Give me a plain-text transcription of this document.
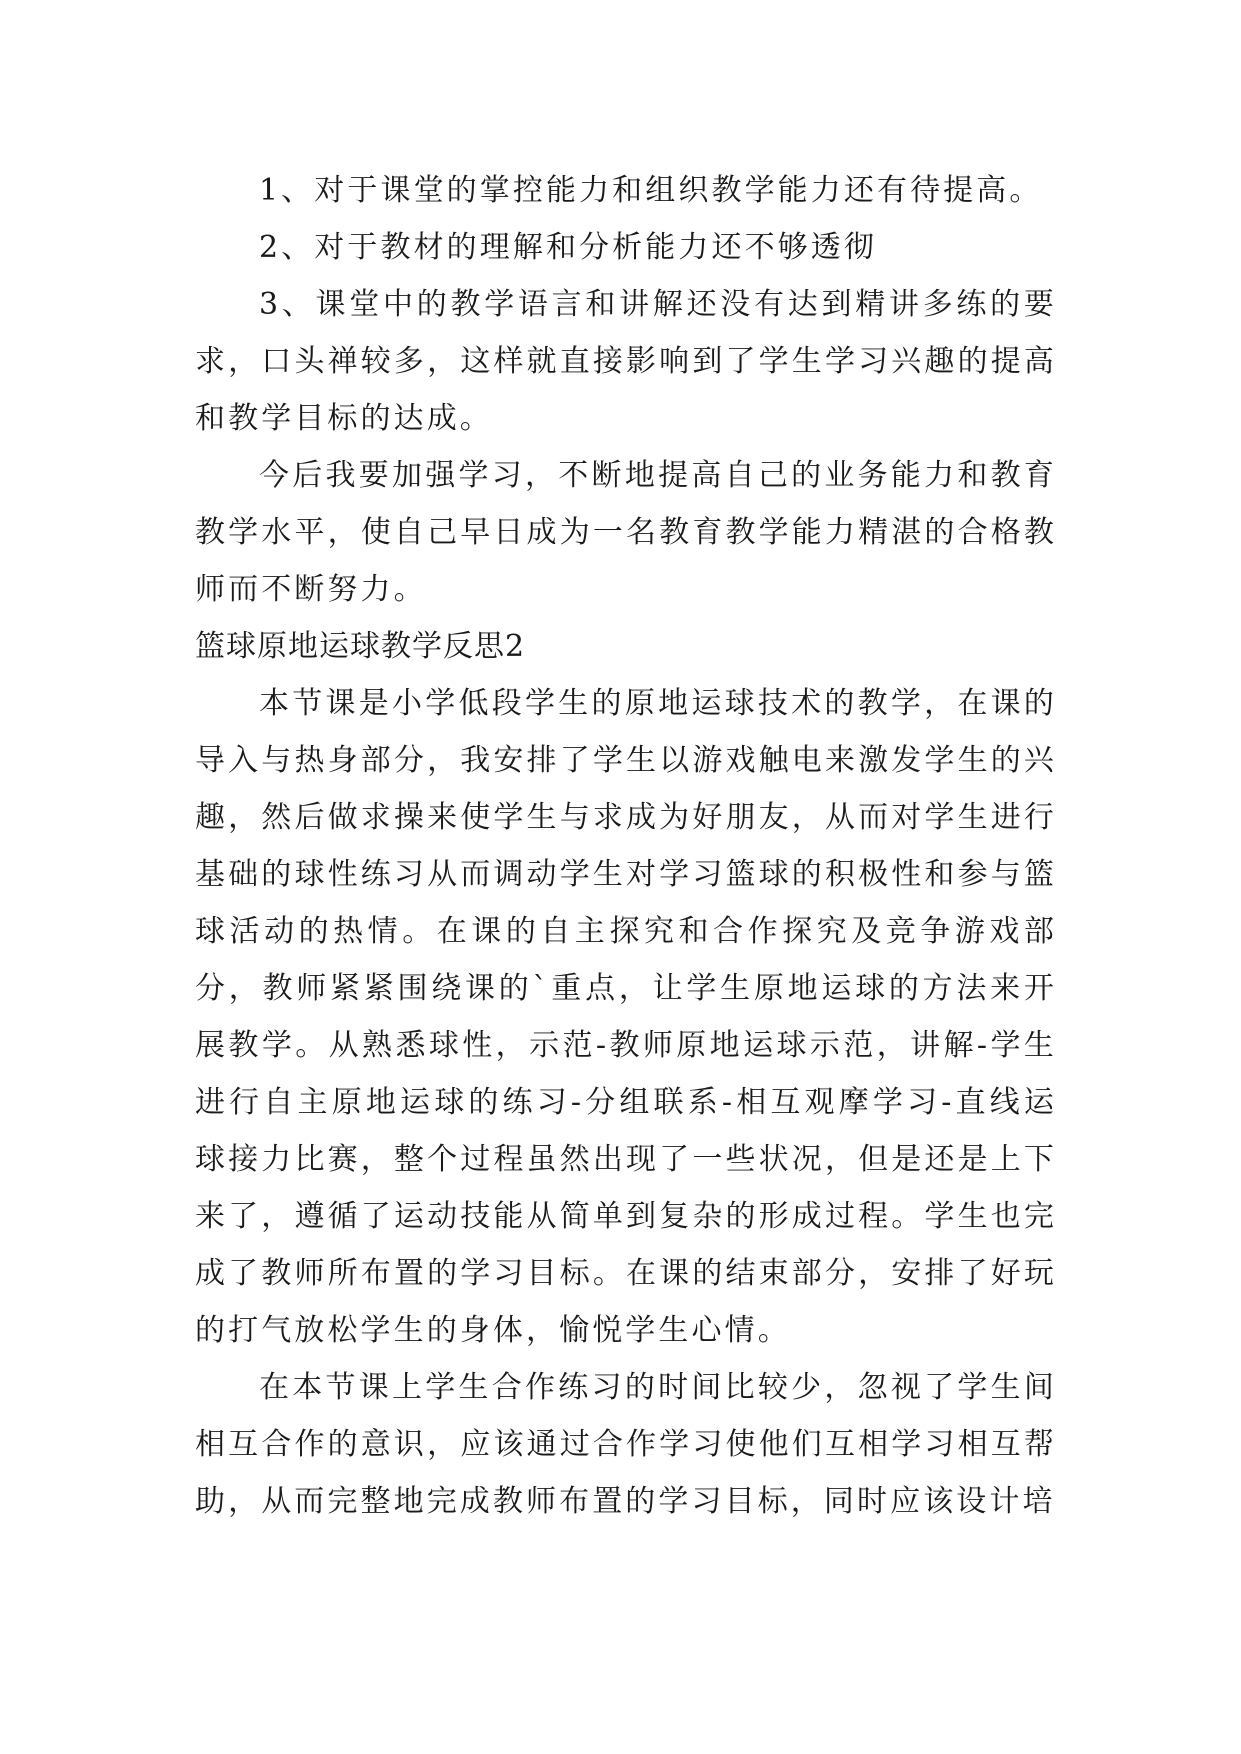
1、对于课堂的掌控能力和组织教学能力还有待提高。

2、对于教材的理解和分析能力还不够透彻

3、课堂中的教学语言和讲解还没有达到精讲多练的要求，口头禅较多，这样就直接影响到了学生学习兴趣的提高和教学目标的达成。

今后我要加强学习，不断地提高自己的业务能力和教育教学水平，使自己早日成为一名教育教学能力精湛的合格教师而不断努力。

篮球原地运球教学反思2

本节课是小学低段学生的原地运球技术的教学，在课的导入与热身部分，我安排了学生以游戏触电来激发学生的兴趣，然后做求操来使学生与求成为好朋友，从而对学生进行基础的球性练习从而调动学生对学习篮球的积极性和参与篮球活动的热情。在课的自主探究和合作探究及竞争游戏部分，教师紧紧围绕课的`重点，让学生原地运球的方法来开展教学。从熟悉球性，示范-教师原地运球示范，讲解-学生进行自主原地运球的练习-分组联系-相互观摩学习-直线运球接力比赛，整个过程虽然出现了一些状况，但是还是上下来了，遵循了运动技能从简单到复杂的形成过程。学生也完成了教师所布置的学习目标。在课的结束部分，安排了好玩的打气放松学生的身体，愉悦学生心情。

在本节课上学生合作练习的时间比较少，忽视了学生间相互合作的意识，应该通过合作学习使他们互相学习相互帮助，从而完整地完成教师布置的学习目标，同时应该设计培
